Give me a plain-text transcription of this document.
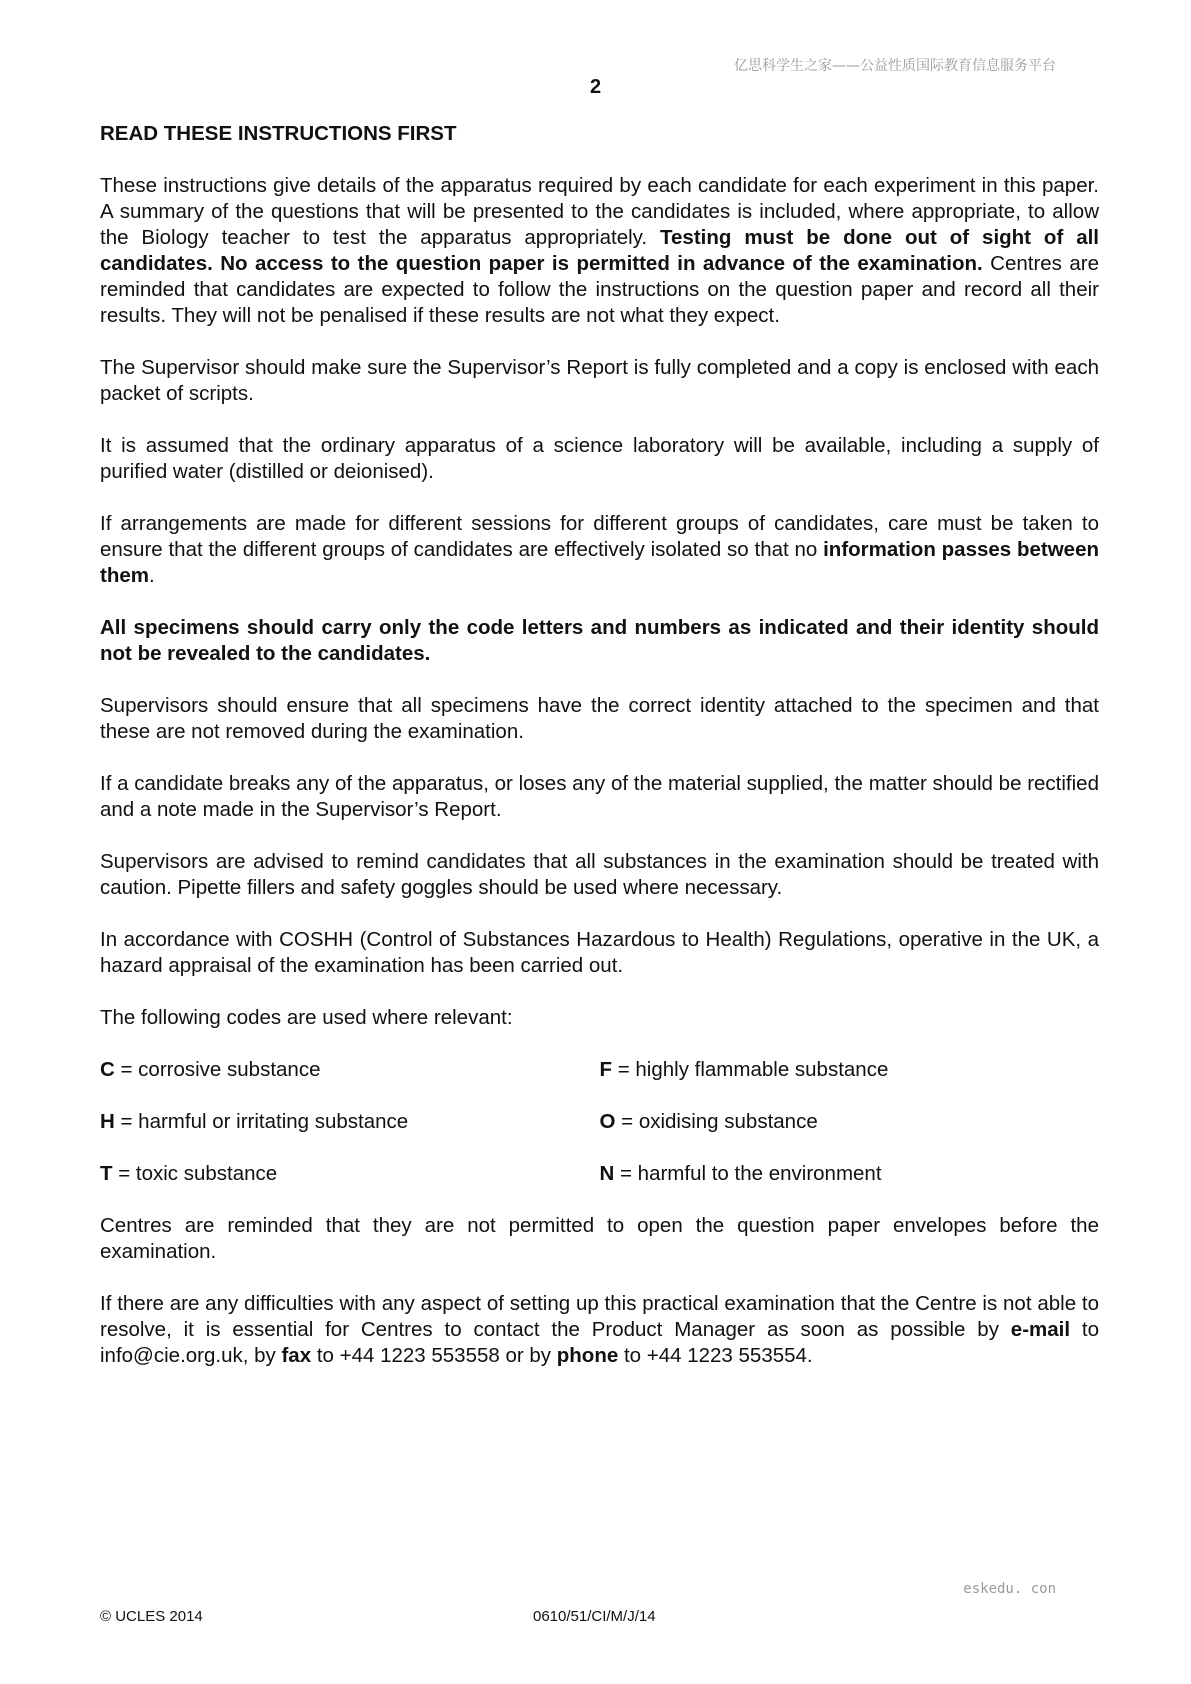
亿思科学生之家——公益性质国际教育信息服务平台
2
READ THESE INSTRUCTIONS FIRST

These instructions give details of the apparatus required by each candidate for each experiment in this paper. A summary of the questions that will be presented to the candidates is included, where appropriate, to allow the Biology teacher to test the apparatus appropriately. Testing must be done out of sight of all candidates. No access to the question paper is permitted in advance of the examination. Centres are reminded that candidates are expected to follow the instructions on the question paper and record all their results. They will not be penalised if these results are not what they expect.

The Supervisor should make sure the Supervisor’s Report is fully completed and a copy is enclosed with each packet of scripts.

It is assumed that the ordinary apparatus of a science laboratory will be available, including a supply of purified water (distilled or deionised).

If arrangements are made for different sessions for different groups of candidates, care must be taken to ensure that the different groups of candidates are effectively isolated so that no information passes between them.

All specimens should carry only the code letters and numbers as indicated and their identity should not be revealed to the candidates.

Supervisors should ensure that all specimens have the correct identity attached to the specimen and that these are not removed during the examination.

If a candidate breaks any of the apparatus, or loses any of the material supplied, the matter should be rectified and a note made in the Supervisor’s Report.

Supervisors are advised to remind candidates that all substances in the examination should be treated with caution. Pipette fillers and safety goggles should be used where necessary.

In accordance with COSHH (Control of Substances Hazardous to Health) Regulations, operative in the UK, a hazard appraisal of the examination has been carried out.

The following codes are used where relevant:

C = corrosive substance	F = highly flammable substance
H = harmful or irritating substance	O = oxidising substance
T = toxic substance	N = harmful to the environment

Centres are reminded that they are not permitted to open the question paper envelopes before the examination.

If there are any difficulties with any aspect of setting up this practical examination that the Centre is not able to resolve, it is essential for Centres to contact the Product Manager as soon as possible by e-mail to info@cie.org.uk, by fax to +44 1223 553558 or by phone to +44 1223 553554.

eskedu. con
© UCLES 2014	0610/51/CI/M/J/14
